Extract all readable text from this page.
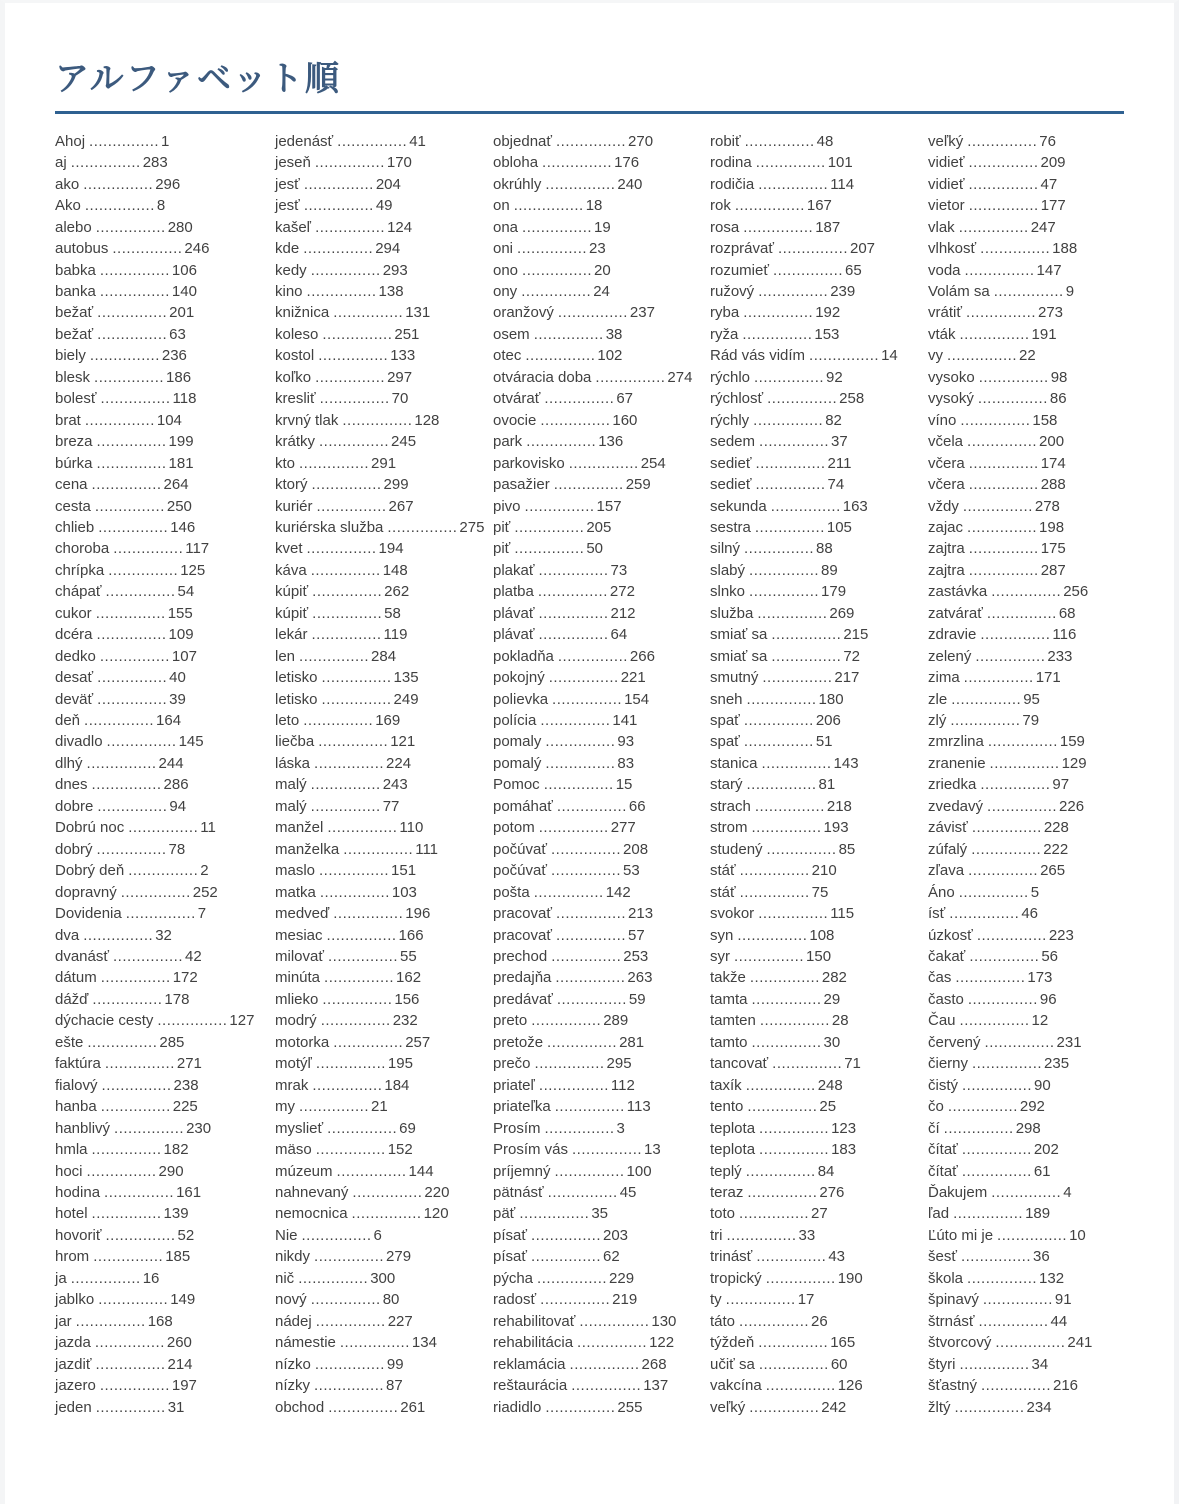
アルファベット順
Ahoj ............... 1
aj ............... 283
ako ............... 296
Ako ............... 8
alebo ............... 280
autobus ............... 246
babka ............... 106
banka ............... 140
bežať ............... 201
bežať ............... 63
biely ............... 236
blesk ............... 186
bolesť ............... 118
brat ............... 104
breza ............... 199
búrka ............... 181
cena ............... 264
cesta ............... 250
chlieb ............... 146
choroba ............... 117
chrípka ............... 125
chápať ............... 54
cukor ............... 155
dcéra ............... 109
dedko ............... 107
desať ............... 40
deväť ............... 39
deň ............... 164
divadlo ............... 145
dlhý ............... 244
dnes ............... 286
dobre ............... 94
Dobrú noc ............... 11
dobrý ............... 78
Dobrý deň ............... 2
dopravný ............... 252
Dovidenia ............... 7
dva ............... 32
dvanásť ............... 42
dátum ............... 172
dážď ............... 178
dýchacie cesty ............... 127
ešte ............... 285
faktúra ............... 271
fialový ............... 238
hanba ............... 225
hanblivý ............... 230
hmla ............... 182
hoci ............... 290
hodina ............... 161
hotel ............... 139
hovoriť ............... 52
hrom ............... 185
ja ............... 16
jablko ............... 149
jar ............... 168
jazda ............... 260
jazdiť ............... 214
jazero ............... 197
jeden ............... 31
jedenásť ............... 41
jeseň ............... 170
jesť ............... 204
jesť ............... 49
kašeľ ............... 124
kde ............... 294
kedy ............... 293
kino ............... 138
knižnica ............... 131
koleso ............... 251
kostol ............... 133
koľko ............... 297
kresliť ............... 70
krvný tlak ............... 128
krátky ............... 245
kto ............... 291
ktorý ............... 299
kuriér ............... 267
kuriérska služba ............... 275
kvet ............... 194
káva ............... 148
kúpiť ............... 262
kúpiť ............... 58
lekár ............... 119
len ............... 284
letisko ............... 135
letisko ............... 249
leto ............... 169
liečba ............... 121
láska ............... 224
malý ............... 243
malý ............... 77
manžel ............... 110
manželka ............... 111
maslo ............... 151
matka ............... 103
medveď ............... 196
mesiac ............... 166
milovať ............... 55
minúta ............... 162
mlieko ............... 156
modrý ............... 232
motorka ............... 257
motýľ ............... 195
mrak ............... 184
my ............... 21
myslieť ............... 69
mäso ............... 152
múzeum ............... 144
nahnevaný ............... 220
nemocnica ............... 120
Nie ............... 6
nikdy ............... 279
nič ............... 300
nový ............... 80
nádej ............... 227
námestie ............... 134
nízko ............... 99
nízky ............... 87
obchod ............... 261
objednať ............... 270
obloha ............... 176
okrúhly ............... 240
on ............... 18
ona ............... 19
oni ............... 23
ono ............... 20
ony ............... 24
oranžový ............... 237
osem ............... 38
otec ............... 102
otváracia doba ............... 274
otvárať ............... 67
ovocie ............... 160
park ............... 136
parkovisko ............... 254
pasažier ............... 259
pivo ............... 157
piť ............... 205
piť ............... 50
plakať ............... 73
platba ............... 272
plávať ............... 212
plávať ............... 64
pokladňa ............... 266
pokojný ............... 221
polievka ............... 154
polícia ............... 141
pomaly ............... 93
pomalý ............... 83
Pomoc ............... 15
pomáhať ............... 66
potom ............... 277
počúvať ............... 208
počúvať ............... 53
pošta ............... 142
pracovať ............... 213
pracovať ............... 57
prechod ............... 253
predajňa ............... 263
predávať ............... 59
preto ............... 289
pretože ............... 281
prečo ............... 295
priateľ ............... 112
priateľka ............... 113
Prosím ............... 3
Prosím vás ............... 13
príjemný ............... 100
pätnásť ............... 45
päť ............... 35
písať ............... 203
písať ............... 62
pýcha ............... 229
radosť ............... 219
rehabilitovať ............... 130
rehabilitácia ............... 122
reklamácia ............... 268
reštaurácia ............... 137
riadidlo ............... 255
robiť ............... 48
rodina ............... 101
rodičia ............... 114
rok ............... 167
rosa ............... 187
rozprávať ............... 207
rozumieť ............... 65
ružový ............... 239
ryba ............... 192
ryža ............... 153
Rád vás vidím ............... 14
rýchlo ............... 92
rýchlosť ............... 258
rýchly ............... 82
sedem ............... 37
sedieť ............... 211
sedieť ............... 74
sekunda ............... 163
sestra ............... 105
silný ............... 88
slabý ............... 89
slnko ............... 179
služba ............... 269
smiať sa ............... 215
smiať sa ............... 72
smutný ............... 217
sneh ............... 180
spať ............... 206
spať ............... 51
stanica ............... 143
starý ............... 81
strach ............... 218
strom ............... 193
studený ............... 85
stáť ............... 210
stáť ............... 75
svokor ............... 115
syn ............... 108
syr ............... 150
takže ............... 282
tamta ............... 29
tamten ............... 28
tamto ............... 30
tancovať ............... 71
taxík ............... 248
tento ............... 25
teplota ............... 123
teplota ............... 183
teplý ............... 84
teraz ............... 276
toto ............... 27
tri ............... 33
trinásť ............... 43
tropický ............... 190
ty ............... 17
táto ............... 26
týždeň ............... 165
učiť sa ............... 60
vakcína ............... 126
veľký ............... 242
veľký ............... 76
vidieť ............... 209
vidieť ............... 47
vietor ............... 177
vlak ............... 247
vlhkosť ............... 188
voda ............... 147
Volám sa ............... 9
vrátiť ............... 273
vták ............... 191
vy ............... 22
vysoko ............... 98
vysoký ............... 86
víno ............... 158
včela ............... 200
včera ............... 174
včera ............... 288
vždy ............... 278
zajac ............... 198
zajtra ............... 175
zajtra ............... 287
zastávka ............... 256
zatvárať ............... 68
zdravie ............... 116
zelený ............... 233
zima ............... 171
zle ............... 95
zlý ............... 79
zmrzlina ............... 159
zranenie ............... 129
zriedka ............... 97
zvedavý ............... 226
závisť ............... 228
zúfalý ............... 222
zľava ............... 265
Áno ............... 5
ísť ............... 46
úzkosť ............... 223
čakať ............... 56
čas ............... 173
často ............... 96
Čau ............... 12
červený ............... 231
čierny ............... 235
čistý ............... 90
čo ............... 292
čí ............... 298
čítať ............... 202
čítať ............... 61
Ďakujem ............... 4
ľad ............... 189
Ľúto mi je ............... 10
šesť ............... 36
škola ............... 132
špinavý ............... 91
štrnásť ............... 44
štvorcový ............... 241
štyri ............... 34
šťastný ............... 216
žltý ............... 234
